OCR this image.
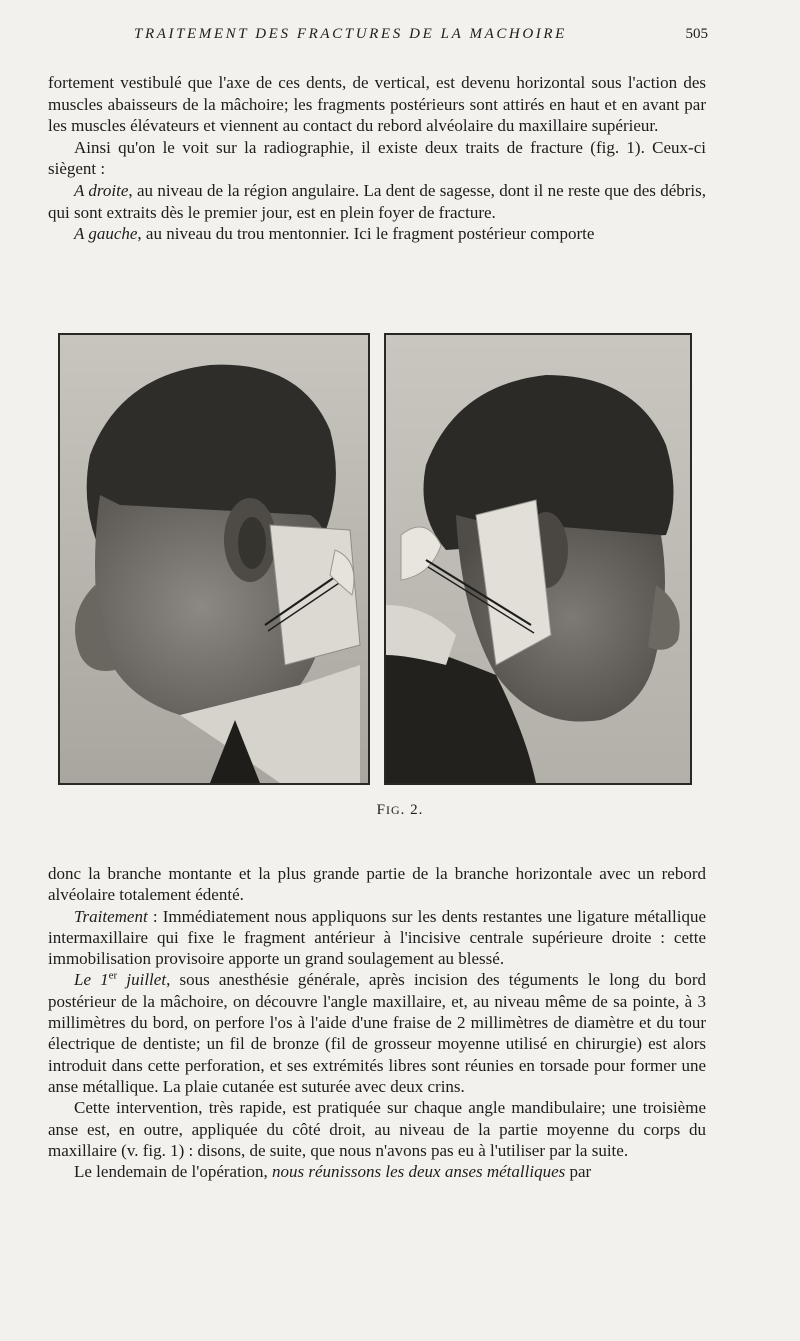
TRAITEMENT DES FRACTURES DE LA MACHOIRE	505

fortement vestibulé que l'axe de ces dents, de vertical, est devenu horizontal sous l'action des muscles abaisseurs de la mâchoire; les fragments postérieurs sont attirés en haut et en avant par les muscles élévateurs et viennent au contact du rebord alvéolaire du maxillaire supérieur.

Ainsi qu'on le voit sur la radiographie, il existe deux traits de fracture (fig. 1). Ceux-ci siègent :

A droite, au niveau de la région angulaire. La dent de sagesse, dont il ne reste que des débris, qui sont extraits dès le premier jour, est en plein foyer de fracture.

A gauche, au niveau du trou mentonnier. Ici le fragment postérieur comporte

FIG. 2.

donc la branche montante et la plus grande partie de la branche horizontale avec un rebord alvéolaire totalement édenté.

Traitement : Immédiatement nous appliquons sur les dents restantes une ligature métallique intermaxillaire qui fixe le fragment antérieur à l'incisive centrale supérieure droite : cette immobilisation provisoire apporte un grand soulagement au blessé.

Le 1er juillet, sous anesthésie générale, après incision des téguments le long du bord postérieur de la mâchoire, on découvre l'angle maxillaire, et, au niveau même de sa pointe, à 3 millimètres du bord, on perfore l'os à l'aide d'une fraise de 2 millimètres de diamètre et du tour électrique de dentiste; un fil de bronze (fil de grosseur moyenne utilisé en chirurgie) est alors introduit dans cette perforation, et ses extrémités libres sont réunies en torsade pour former une anse métallique. La plaie cutanée est suturée avec deux crins.

Cette intervention, très rapide, est pratiquée sur chaque angle mandibulaire; une troisième anse est, en outre, appliquée du côté droit, au niveau de la partie moyenne du corps du maxillaire (v. fig. 1) : disons, de suite, que nous n'avons pas eu à l'utiliser par la suite.

Le lendemain de l'opération, nous réunissons les deux anses métalliques par
